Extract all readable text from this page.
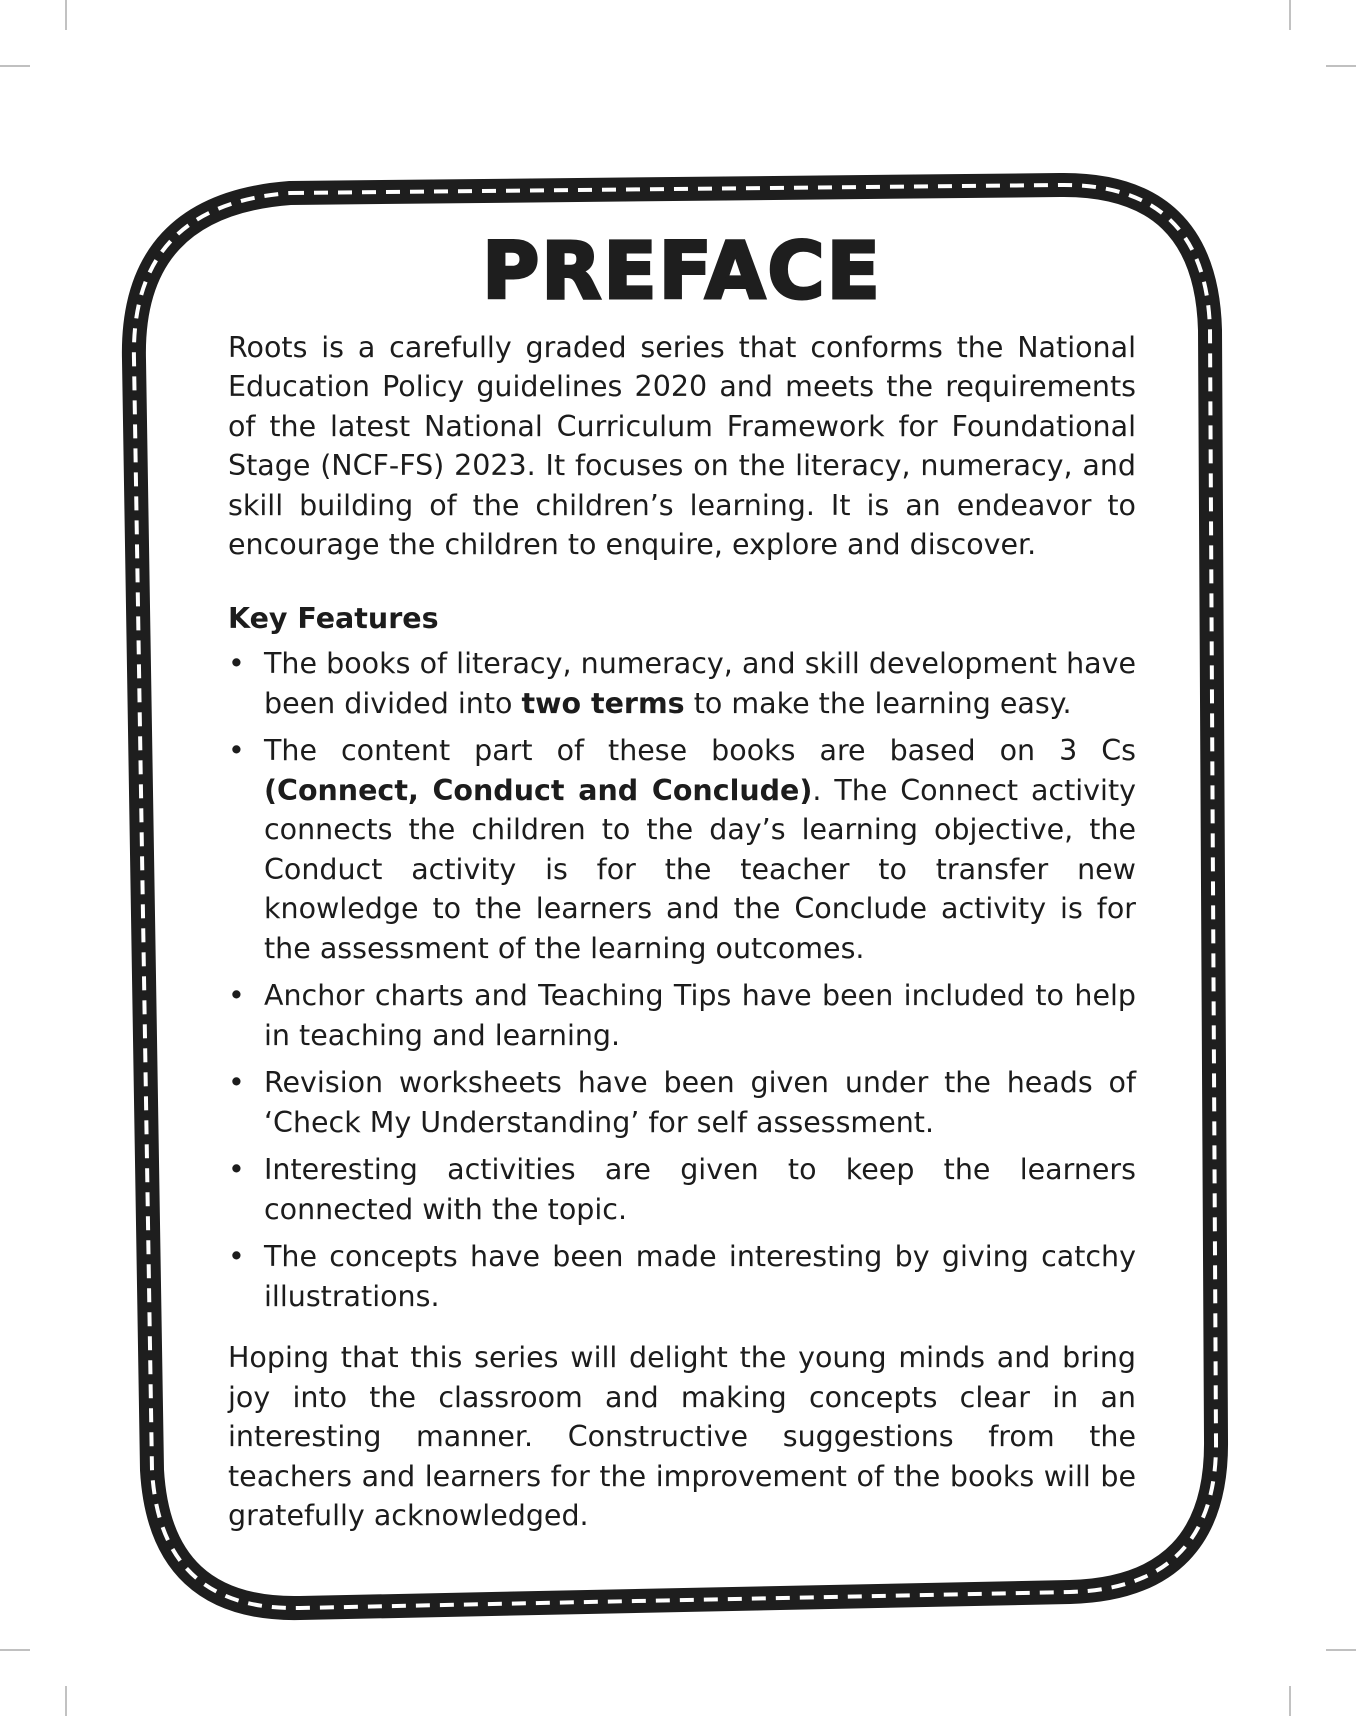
PREFACE

Roots is a carefully graded series that conforms the National Education Policy guidelines 2020 and meets the requirements of the latest National Curriculum Framework for Foundational Stage (NCF-FS) 2023. It focuses on the literacy, numeracy, and skill building of the children’s learning. It is an endeavor to encourage the children to enquire, explore and discover.

Key Features
• The books of literacy, numeracy, and skill development have been divided into two terms to make the learning easy.
• The content part of these books are based on 3 Cs (Connect, Conduct and Conclude). The Connect activity connects the children to the day’s learning objective, the Conduct activity is for the teacher to transfer new knowledge to the learners and the Conclude activity is for the assessment of the learning outcomes.
• Anchor charts and Teaching Tips have been included to help in teaching and learning.
• Revision worksheets have been given under the heads of ‘Check My Understanding’ for self assessment.
• Interesting activities are given to keep the learners connected with the topic.
• The concepts have been made interesting by giving catchy illustrations.

Hoping that this series will delight the young minds and bring joy into the classroom and making concepts clear in an interesting manner. Constructive suggestions from the teachers and learners for the improvement of the books will be gratefully acknowledged.
